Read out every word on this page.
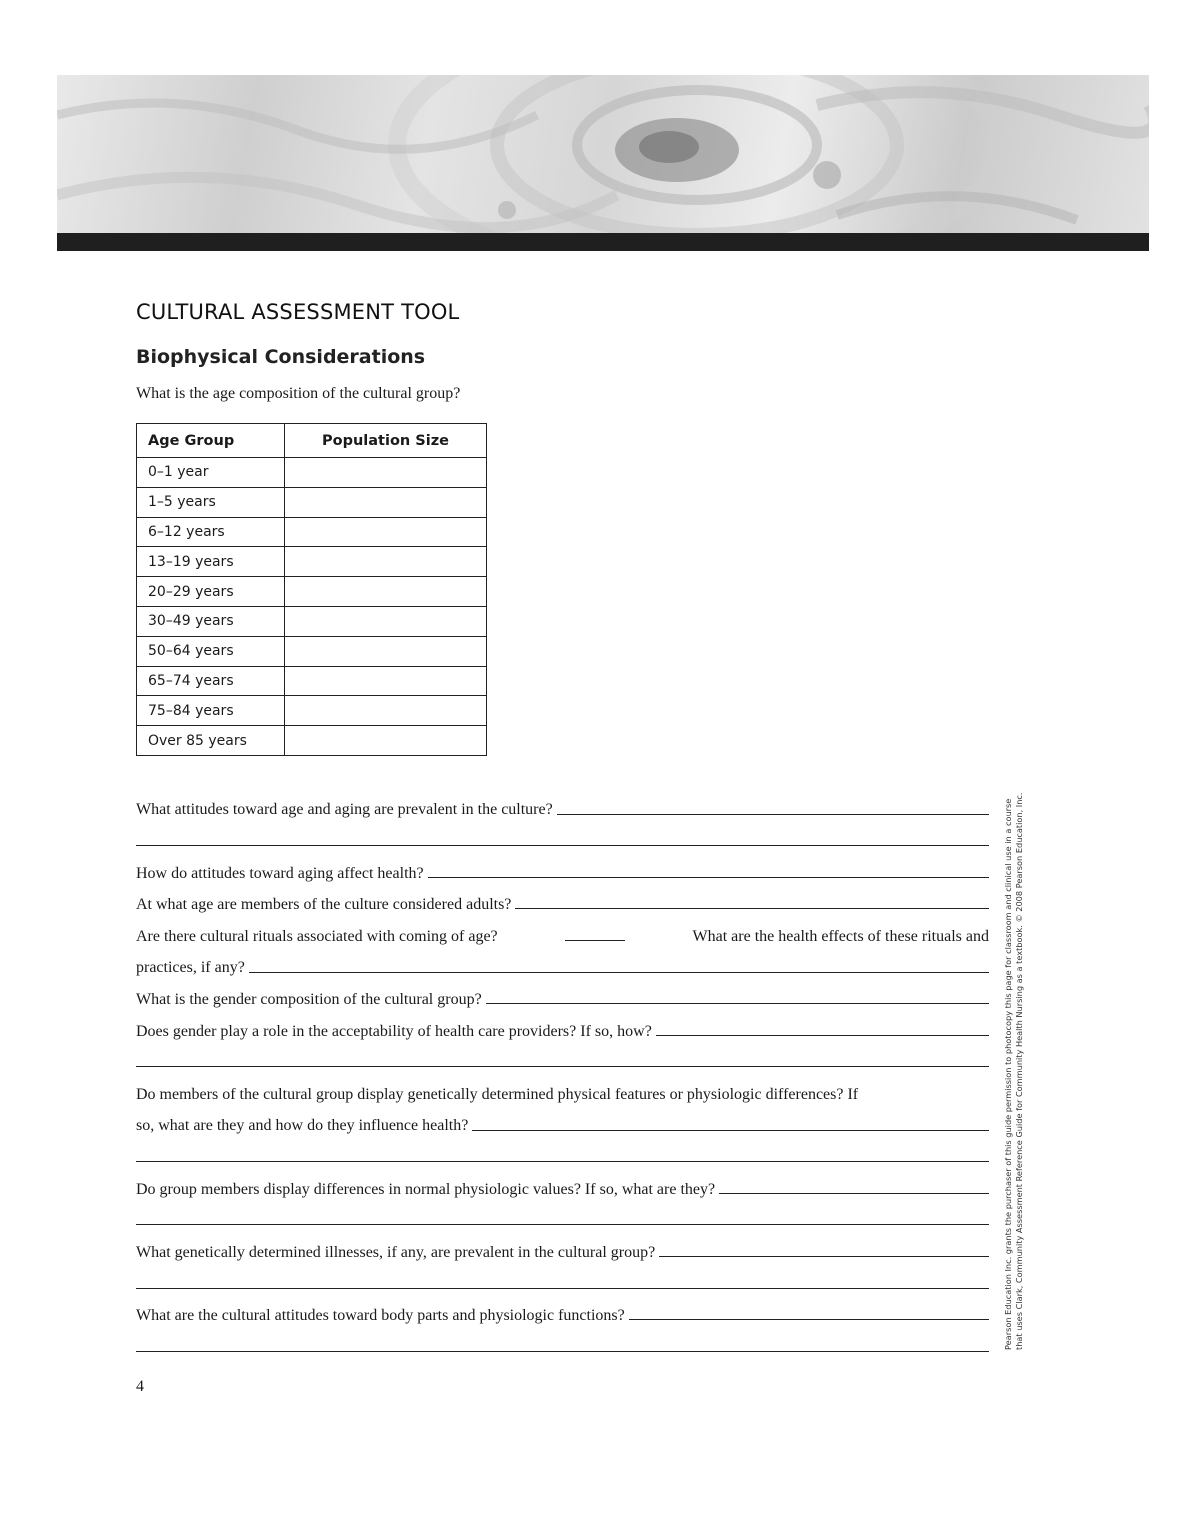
CULTURAL ASSESSMENT TOOL
Biophysical Considerations
What is the age composition of the cultural group?
Age Group	Population Size
0–1 year	
1–5 years	
6–12 years	
13–19 years	
20–29 years	
30–49 years	
50–64 years	
65–74 years	
75–84 years	
Over 85 years	
What attitudes toward age and aging are prevalent in the culture?
How do attitudes toward aging affect health?
At what age are members of the culture considered adults?
Are there cultural rituals associated with coming of age?	What are the health effects of these rituals and
practices, if any?
What is the gender composition of the cultural group?
Does gender play a role in the acceptability of health care providers? If so, how?
Do members of the cultural group display genetically determined physical features or physiologic differences? If
so, what are they and how do they influence health?
Do group members display differences in normal physiologic values? If so, what are they?
What genetically determined illnesses, if any, are prevalent in the cultural group?
What are the cultural attitudes toward body parts and physiologic functions?	Pearson Education Inc. grants the purchaser of this guide permission to photocopy this page for classroom and clinical use in a course that uses Clark, Community Assessment Reference Guide for Community Health Nursing as a textbook. © 2008 Pearson Education, Inc.
4
